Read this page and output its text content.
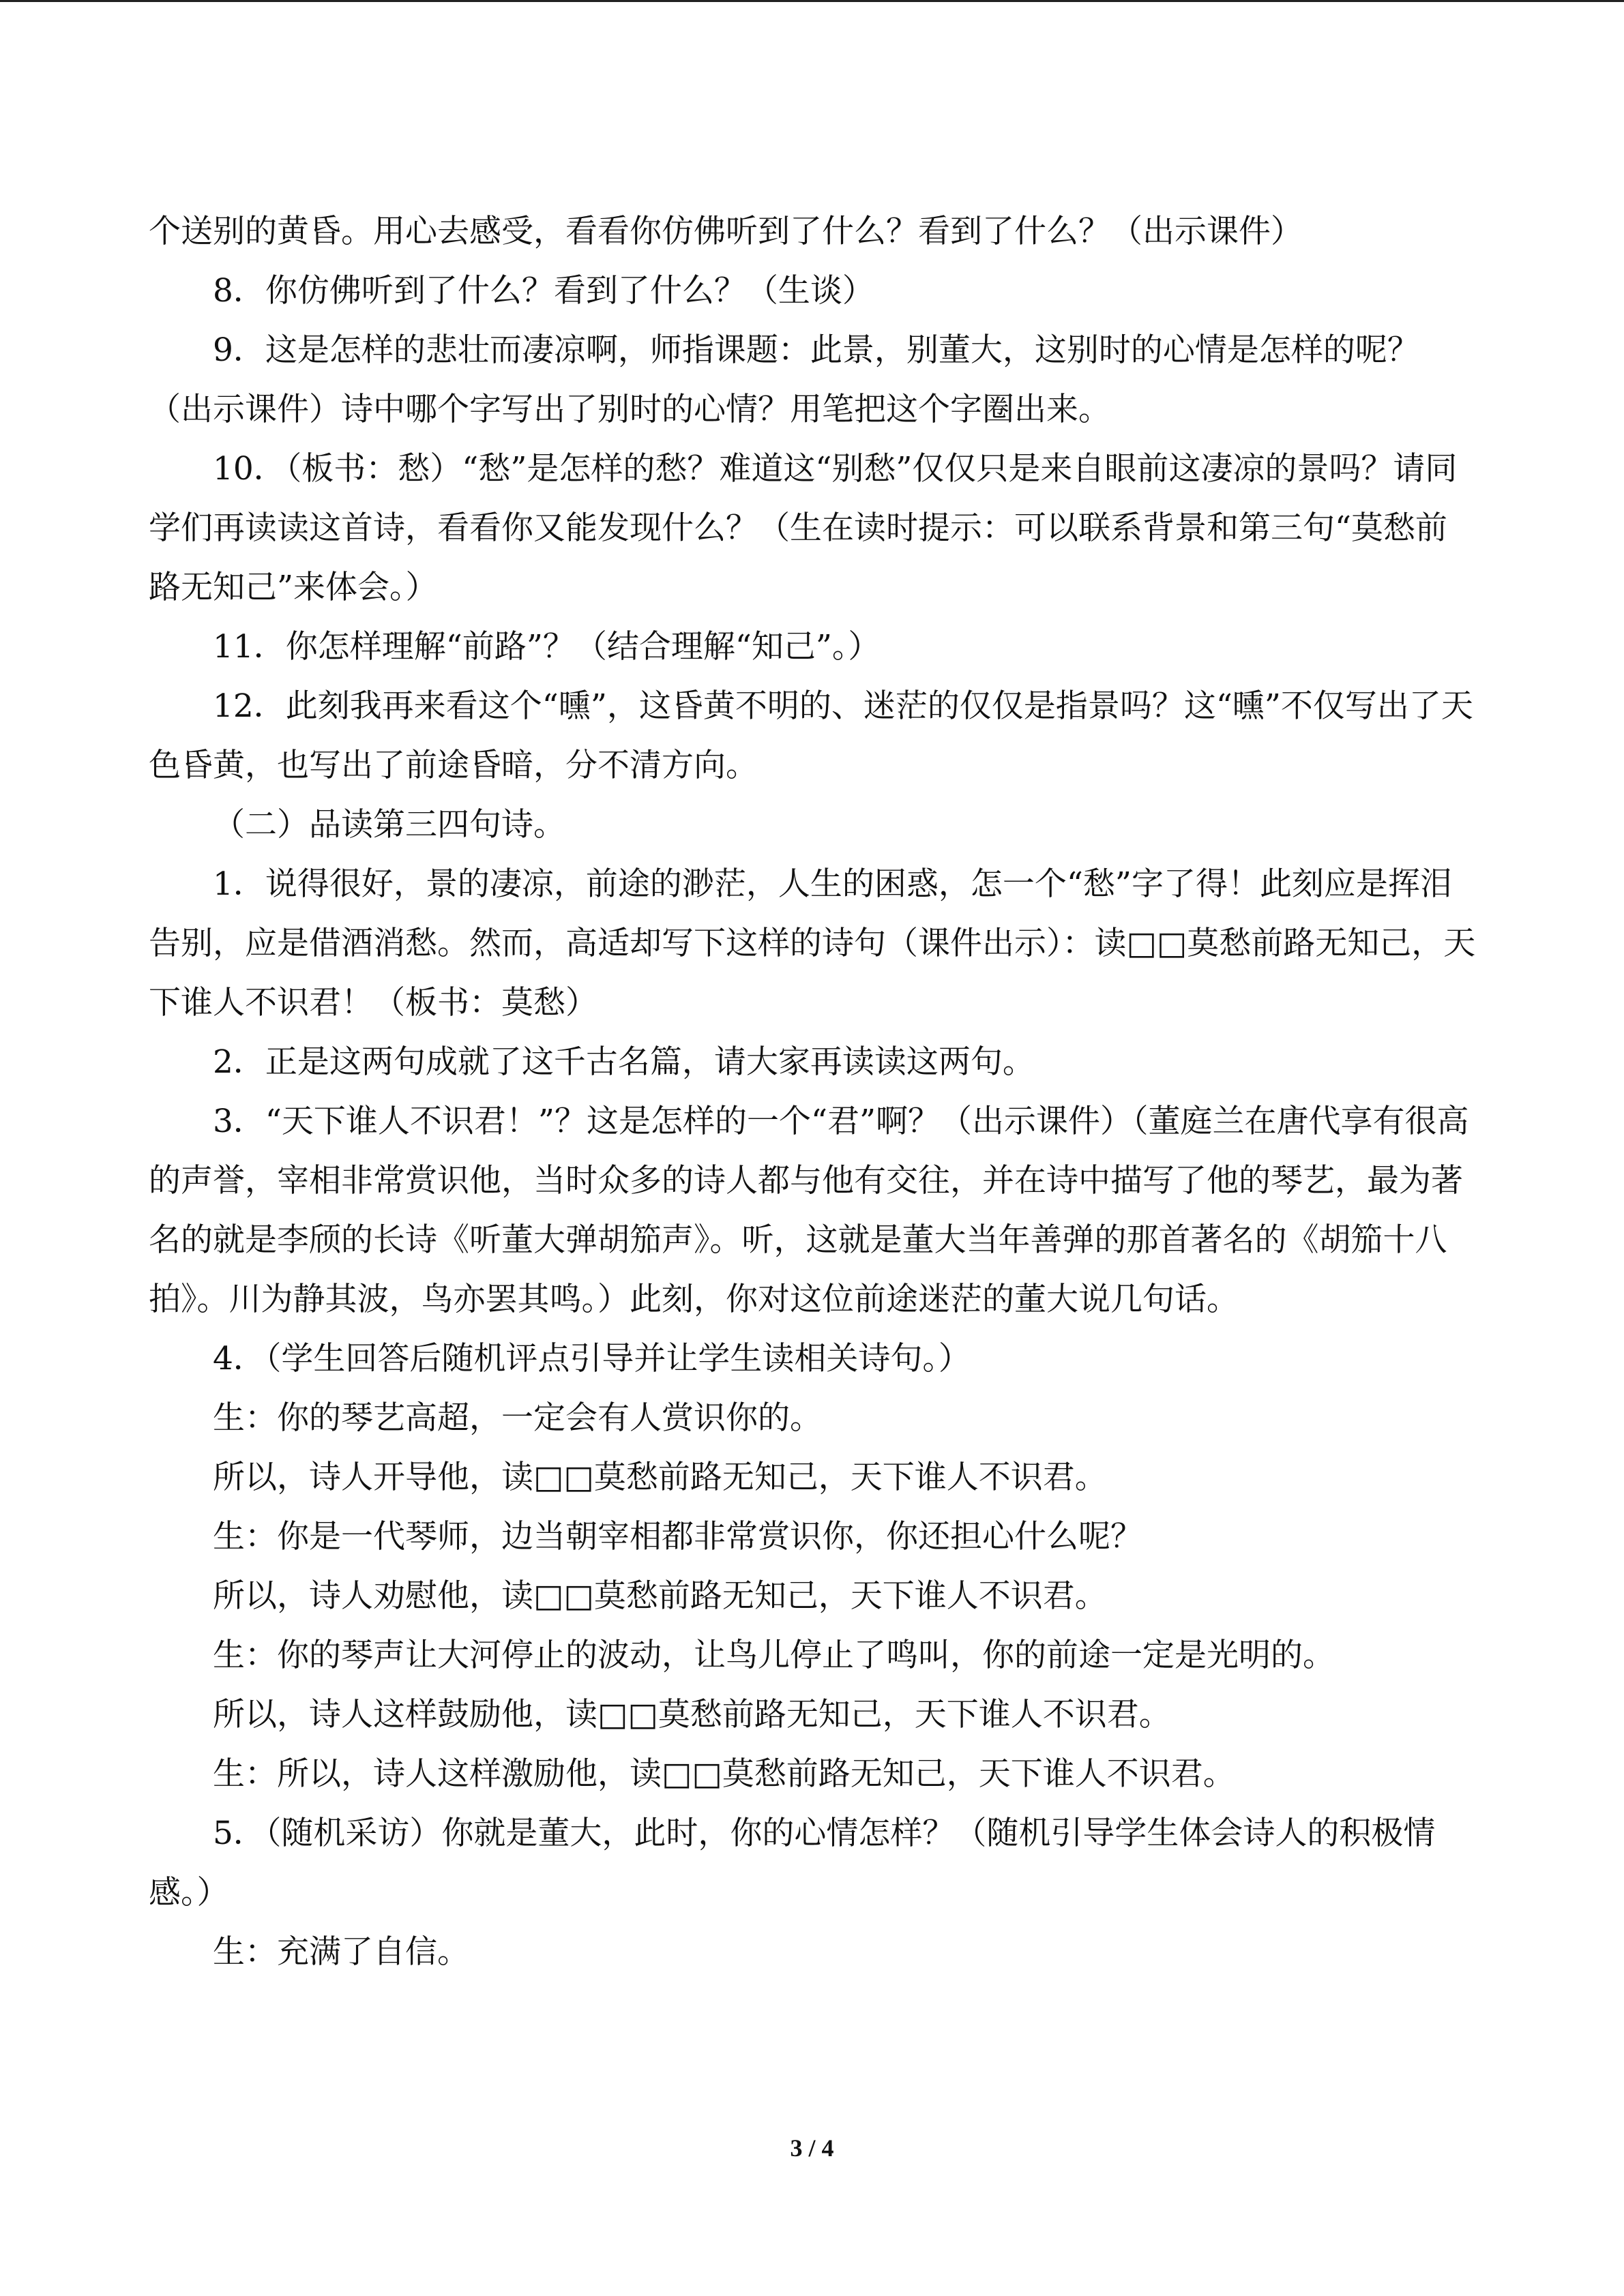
个送别的黄昏。用心去感受，看看你仿佛听到了什么？看到了什么？（出示课件）

8．你仿佛听到了什么？看到了什么？（生谈）

9．这是怎样的悲壮而凄凉啊，师指课题：此景，别董大，这别时的心情是怎样的呢？（出示课件）诗中哪个字写出了别时的心情？用笔把这个字圈出来。

10．（板书：愁）“愁”是怎样的愁？难道这“别愁”仅仅只是来自眼前这凄凉的景吗？请同学们再读读这首诗，看看你又能发现什么？（生在读时提示：可以联系背景和第三句“莫愁前路无知己”来体会。）

11．你怎样理解“前路”？（结合理解“知己”。）

12．此刻我再来看这个“曛”，这昏黄不明的、迷茫的仅仅是指景吗？这“曛”不仅写出了天色昏黄，也写出了前途昏暗，分不清方向。

（二）品读第三四句诗。

1．说得很好，景的凄凉，前途的渺茫，人生的困惑，怎一个“愁”字了得！此刻应是挥泪告别，应是借酒消愁。然而，高适却写下这样的诗句（课件出示）：读□□莫愁前路无知己，天下谁人不识君！（板书：莫愁）

2．正是这两句成就了这千古名篇，请大家再读读这两句。

3．“天下谁人不识君！”？这是怎样的一个“君”啊？（出示课件）（董庭兰在唐代享有很高的声誉，宰相非常赏识他，当时众多的诗人都与他有交往，并在诗中描写了他的琴艺，最为著名的就是李颀的长诗《听董大弹胡笳声》。听，这就是董大当年善弹的那首著名的《胡笳十八拍》。川为静其波，鸟亦罢其鸣。）此刻，你对这位前途迷茫的董大说几句话。

4．（学生回答后随机评点引导并让学生读相关诗句。）

生：你的琴艺高超，一定会有人赏识你的。

所以，诗人开导他，读□□莫愁前路无知己，天下谁人不识君。

生：你是一代琴师，边当朝宰相都非常赏识你，你还担心什么呢？

所以，诗人劝慰他，读□□莫愁前路无知己，天下谁人不识君。

生：你的琴声让大河停止的波动，让鸟儿停止了鸣叫，你的前途一定是光明的。

所以，诗人这样鼓励他，读□□莫愁前路无知己，天下谁人不识君。

生：所以，诗人这样激励他，读□□莫愁前路无知己，天下谁人不识君。

5．（随机采访）你就是董大，此时，你的心情怎样？（随机引导学生体会诗人的积极情感。）

生：充满了自信。

3 / 4
